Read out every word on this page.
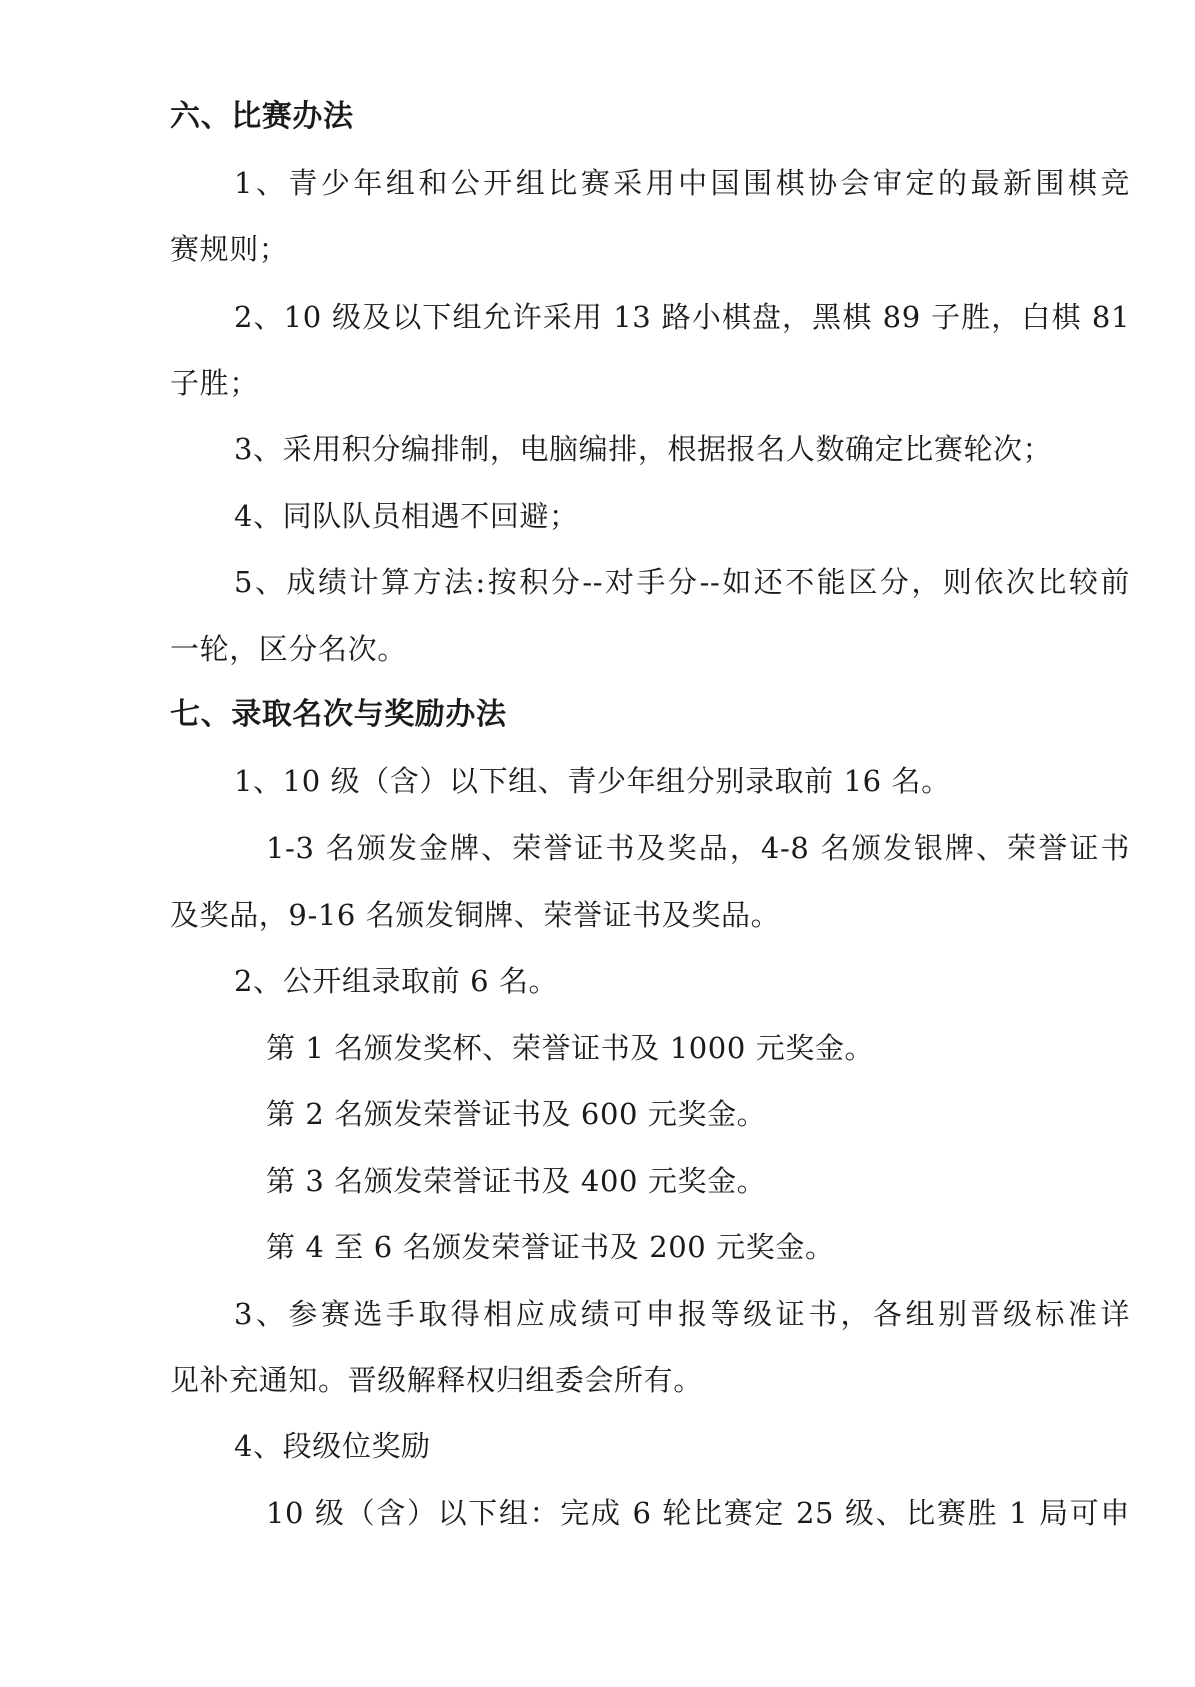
六、比赛办法
1、青少年组和公开组比赛采用中国围棋协会审定的最新围棋竞
赛规则；
2、10 级及以下组允许采用 13 路小棋盘，黑棋 89 子胜，白棋 81
子胜；
3、采用积分编排制，电脑编排，根据报名人数确定比赛轮次；
4、同队队员相遇不回避；
5、成绩计算方法:按积分--对手分--如还不能区分，则依次比较前
一轮，区分名次。
七、录取名次与奖励办法
1、10 级（含）以下组、青少年组分别录取前 16 名。
1-3 名颁发金牌、荣誉证书及奖品，4-8 名颁发银牌、荣誉证书
及奖品，9-16 名颁发铜牌、荣誉证书及奖品。
2、公开组录取前 6 名。
第 1 名颁发奖杯、荣誉证书及 1000 元奖金。
第 2 名颁发荣誉证书及 600 元奖金。
第 3 名颁发荣誉证书及 400 元奖金。
第 4 至 6 名颁发荣誉证书及 200 元奖金。
3、参赛选手取得相应成绩可申报等级证书，各组别晋级标准详
见补充通知。晋级解释权归组委会所有。
4、段级位奖励
10 级（含）以下组：完成 6 轮比赛定 25 级、比赛胜 1 局可申
